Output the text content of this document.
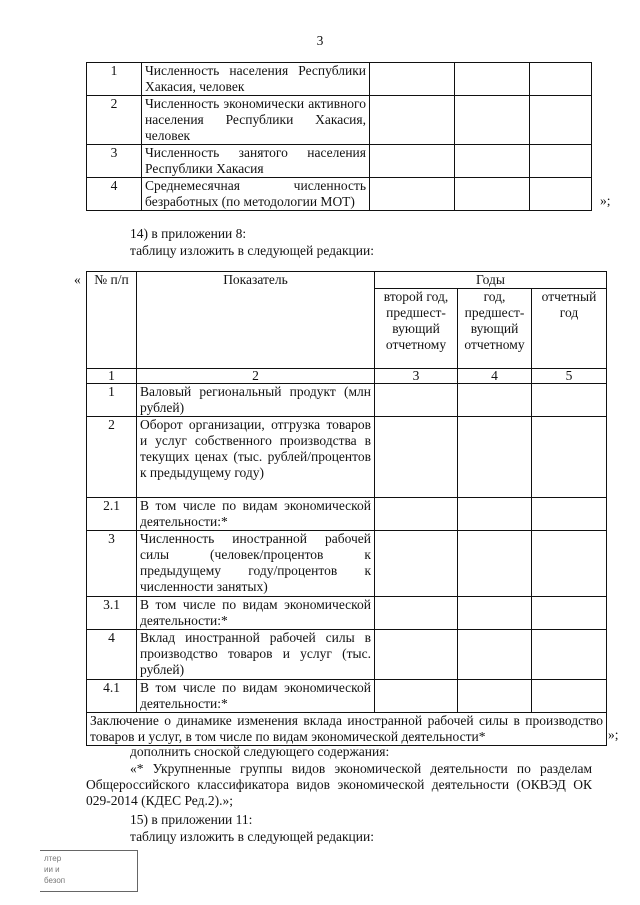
3
1	Численность населения Республики Хакасия, человек			
2	Численность экономически активного населения Республики Хакасия, человек			
3	Численность занятого населения Республики Хакасия			
4	Среднемесячная численность безработных (по методологии МОТ)				»;
14) в приложении 8:
таблицу изложить в следующей редакции:
« № п/п	Показатель	Годы		
		второй год, предшест-вующий отчетному	год, предшест-вующий отчетному	отчетный год
1	2	3	4	5
1	Валовый региональный продукт (млн рублей)			
2	Оборот организации, отгрузка товаров и услуг собственного производства в текущих ценах (тыс. рублей/процентов к предыдущему году)			
2.1	В том числе по видам экономической деятельности:*			
3	Численность иностранной рабочей силы (человек/процентов к предыдущему году/процентов к численности занятых)			
3.1	В том числе по видам экономической деятельности:*			
4	Вклад иностранной рабочей силы в производство товаров и услуг (тыс. рублей)			
4.1	В том числе по видам экономической деятельности:*			
Заключение о динамике изменения вклада иностранной рабочей силы в производство товаров и услуг, в том числе по видам экономической деятельности*					»;
дополнить сноской следующего содержания:
«* Укрупненные группы видов экономической деятельности по разделам Общероссийского классификатора видов экономической деятельности (ОКВЭД ОК 029-2014 (КДЕС Ред.2).»;
15) в приложении 11:
таблицу изложить в следующей редакции:
лтер
ии и
безоп
